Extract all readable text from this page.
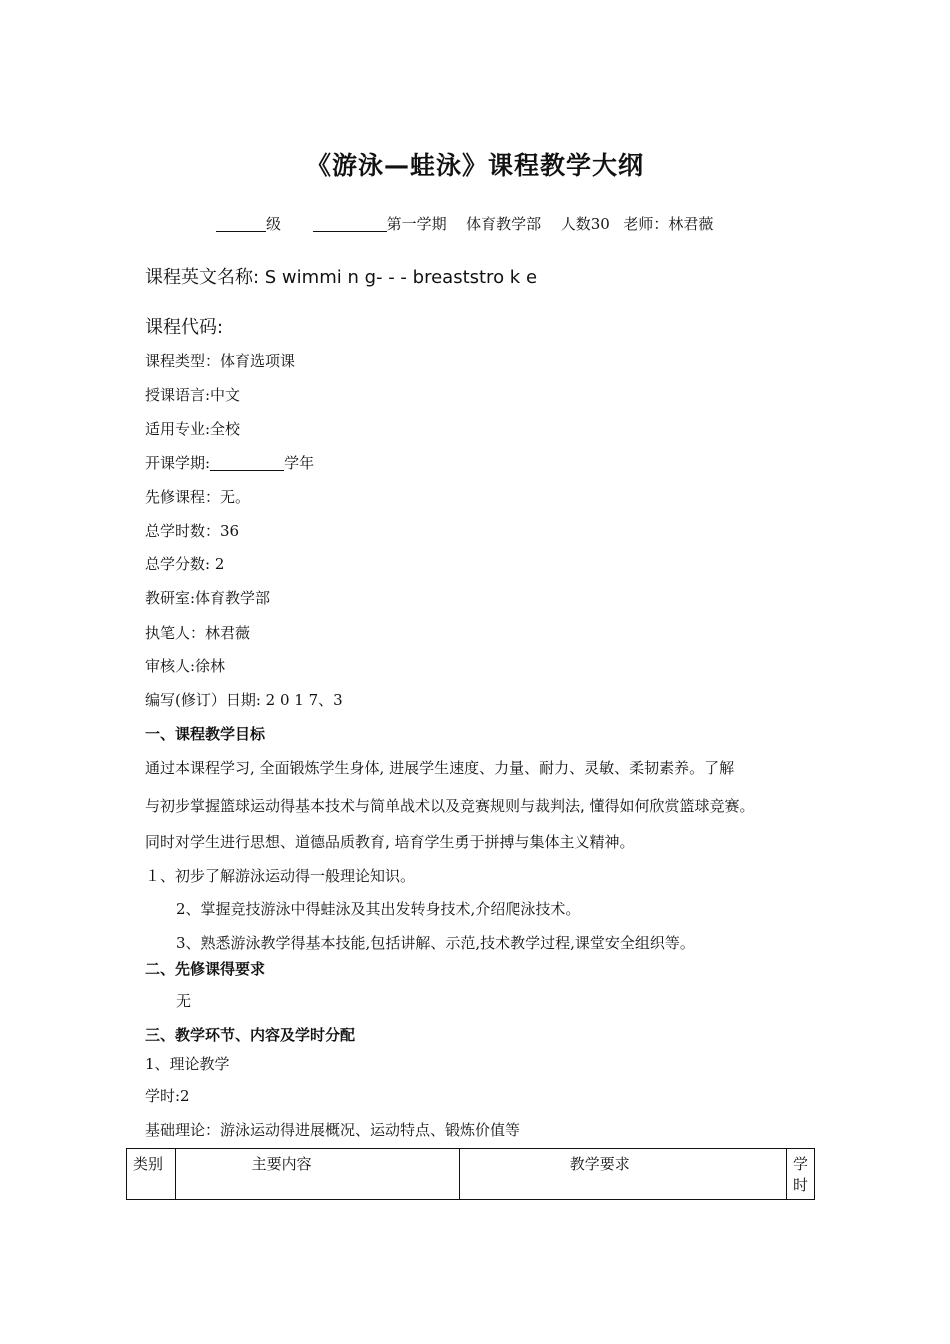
《游泳—蛙泳》课程教学大纲
级	第一学期 体育教学部 人数30 老师：林君薇
课程英文名称: S wimmi n g- - - breaststro k e
课程代码:
课程类型：体育选项课
授课语言:中文
适用专业:全校
开课学期:	学年
先修课程：无。
总学时数：36
总学分数: 2
教研室:体育教学部
执笔人：林君薇
审核人:徐林
编写(修订）日期: 2 0 1 7、3
一、课程教学目标
通过本课程学习, 全面锻炼学生身体, 进展学生速度、力量、耐力、灵敏、柔韧素养。了解
与初步掌握篮球运动得基本技术与简单战术以及竞赛规则与裁判法, 懂得如何欣赏篮球竞赛。
同时对学生进行思想、道德品质教育, 培育学生勇于拼搏与集体主义精神。
１、初步了解游泳运动得一般理论知识。
2、掌握竞技游泳中得蛙泳及其出发转身技术,介绍爬泳技术。
3、熟悉游泳教学得基本技能,包括讲解、示范,技术教学过程,课堂安全组织等。
二、先修课得要求
无
三、教学环节、内容及学时分配
1、理论教学
学时:2
基础理论：游泳运动得进展概况、运动特点、锻炼价值等
类别	主要内容	教学要求	学时
